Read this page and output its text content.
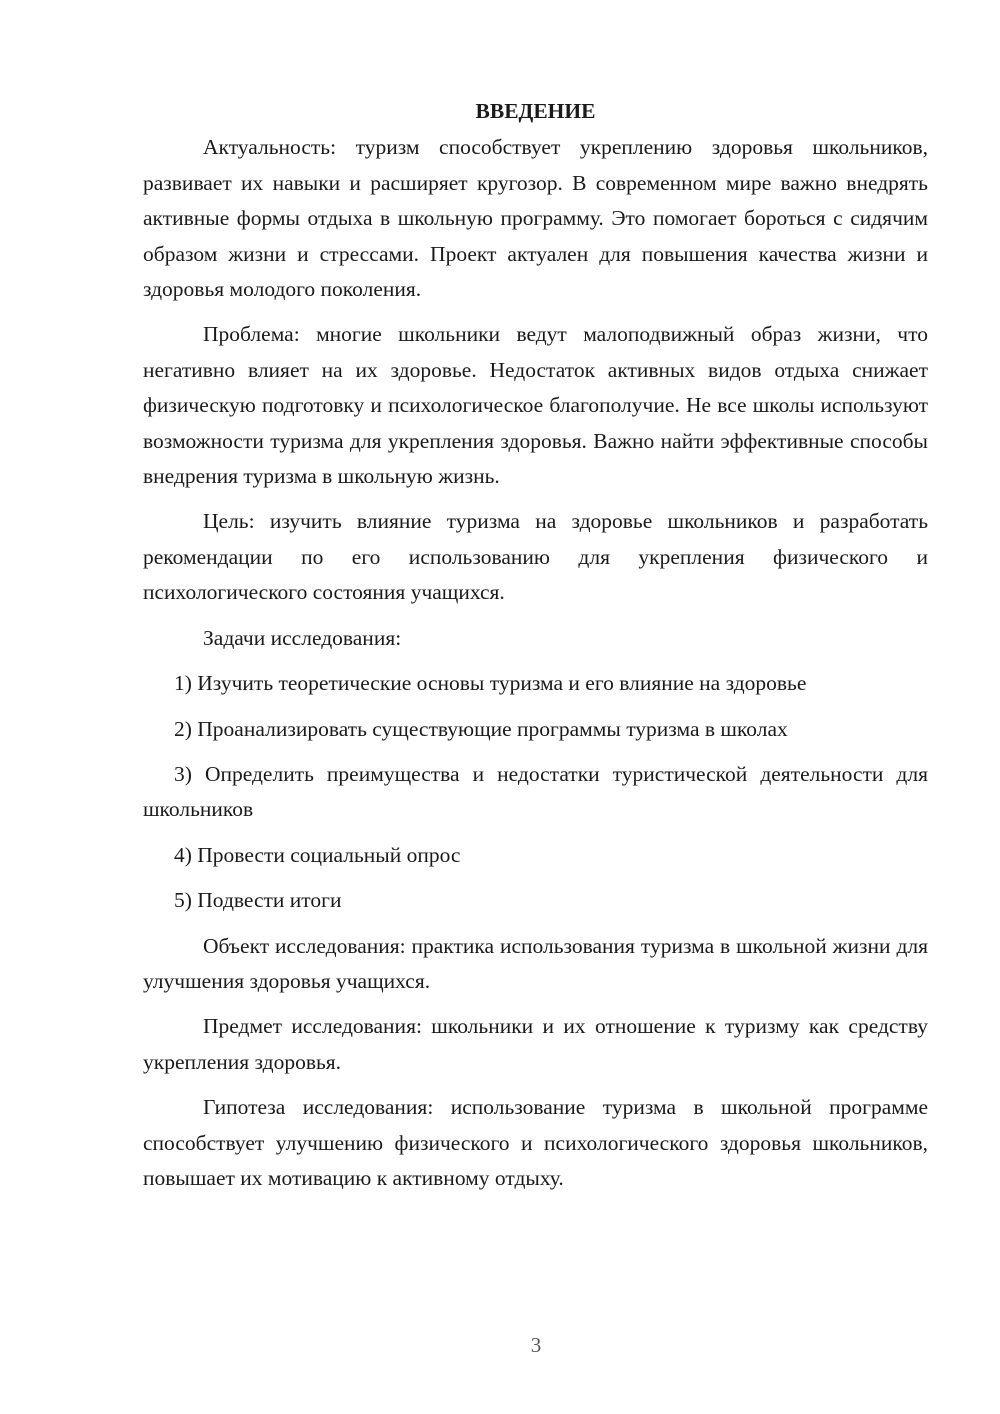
ВВЕДЕНИЕ

Актуальность: туризм способствует укреплению здоровья школьников, развивает их навыки и расширяет кругозор. В современном мире важно внедрять активные формы отдыха в школьную программу. Это помогает бороться с сидячим образом жизни и стрессами. Проект актуален для повышения качества жизни и здоровья молодого поколения.

Проблема: многие школьники ведут малоподвижный образ жизни, что негативно влияет на их здоровье. Недостаток активных видов отдыха снижает физическую подготовку и психологическое благополучие. Не все школы используют возможности туризма для укрепления здоровья. Важно найти эффективные способы внедрения туризма в школьную жизнь.

Цель: изучить влияние туризма на здоровье школьников и разработать рекомендации по его использованию для укрепления физического и психологического состояния учащихся.

Задачи исследования:

1) Изучить теоретические основы туризма и его влияние на здоровье

2) Проанализировать существующие программы туризма в школах

3) Определить преимущества и недостатки туристической деятельности для школьников

4) Провести социальный опрос

5) Подвести итоги

Объект исследования: практика использования туризма в школьной жизни для улучшения здоровья учащихся.

Предмет исследования: школьники и их отношение к туризму как средству укрепления здоровья.

Гипотеза исследования: использование туризма в школьной программе способствует улучшению физического и психологического здоровья школьников, повышает их мотивацию к активному отдыху.

3
